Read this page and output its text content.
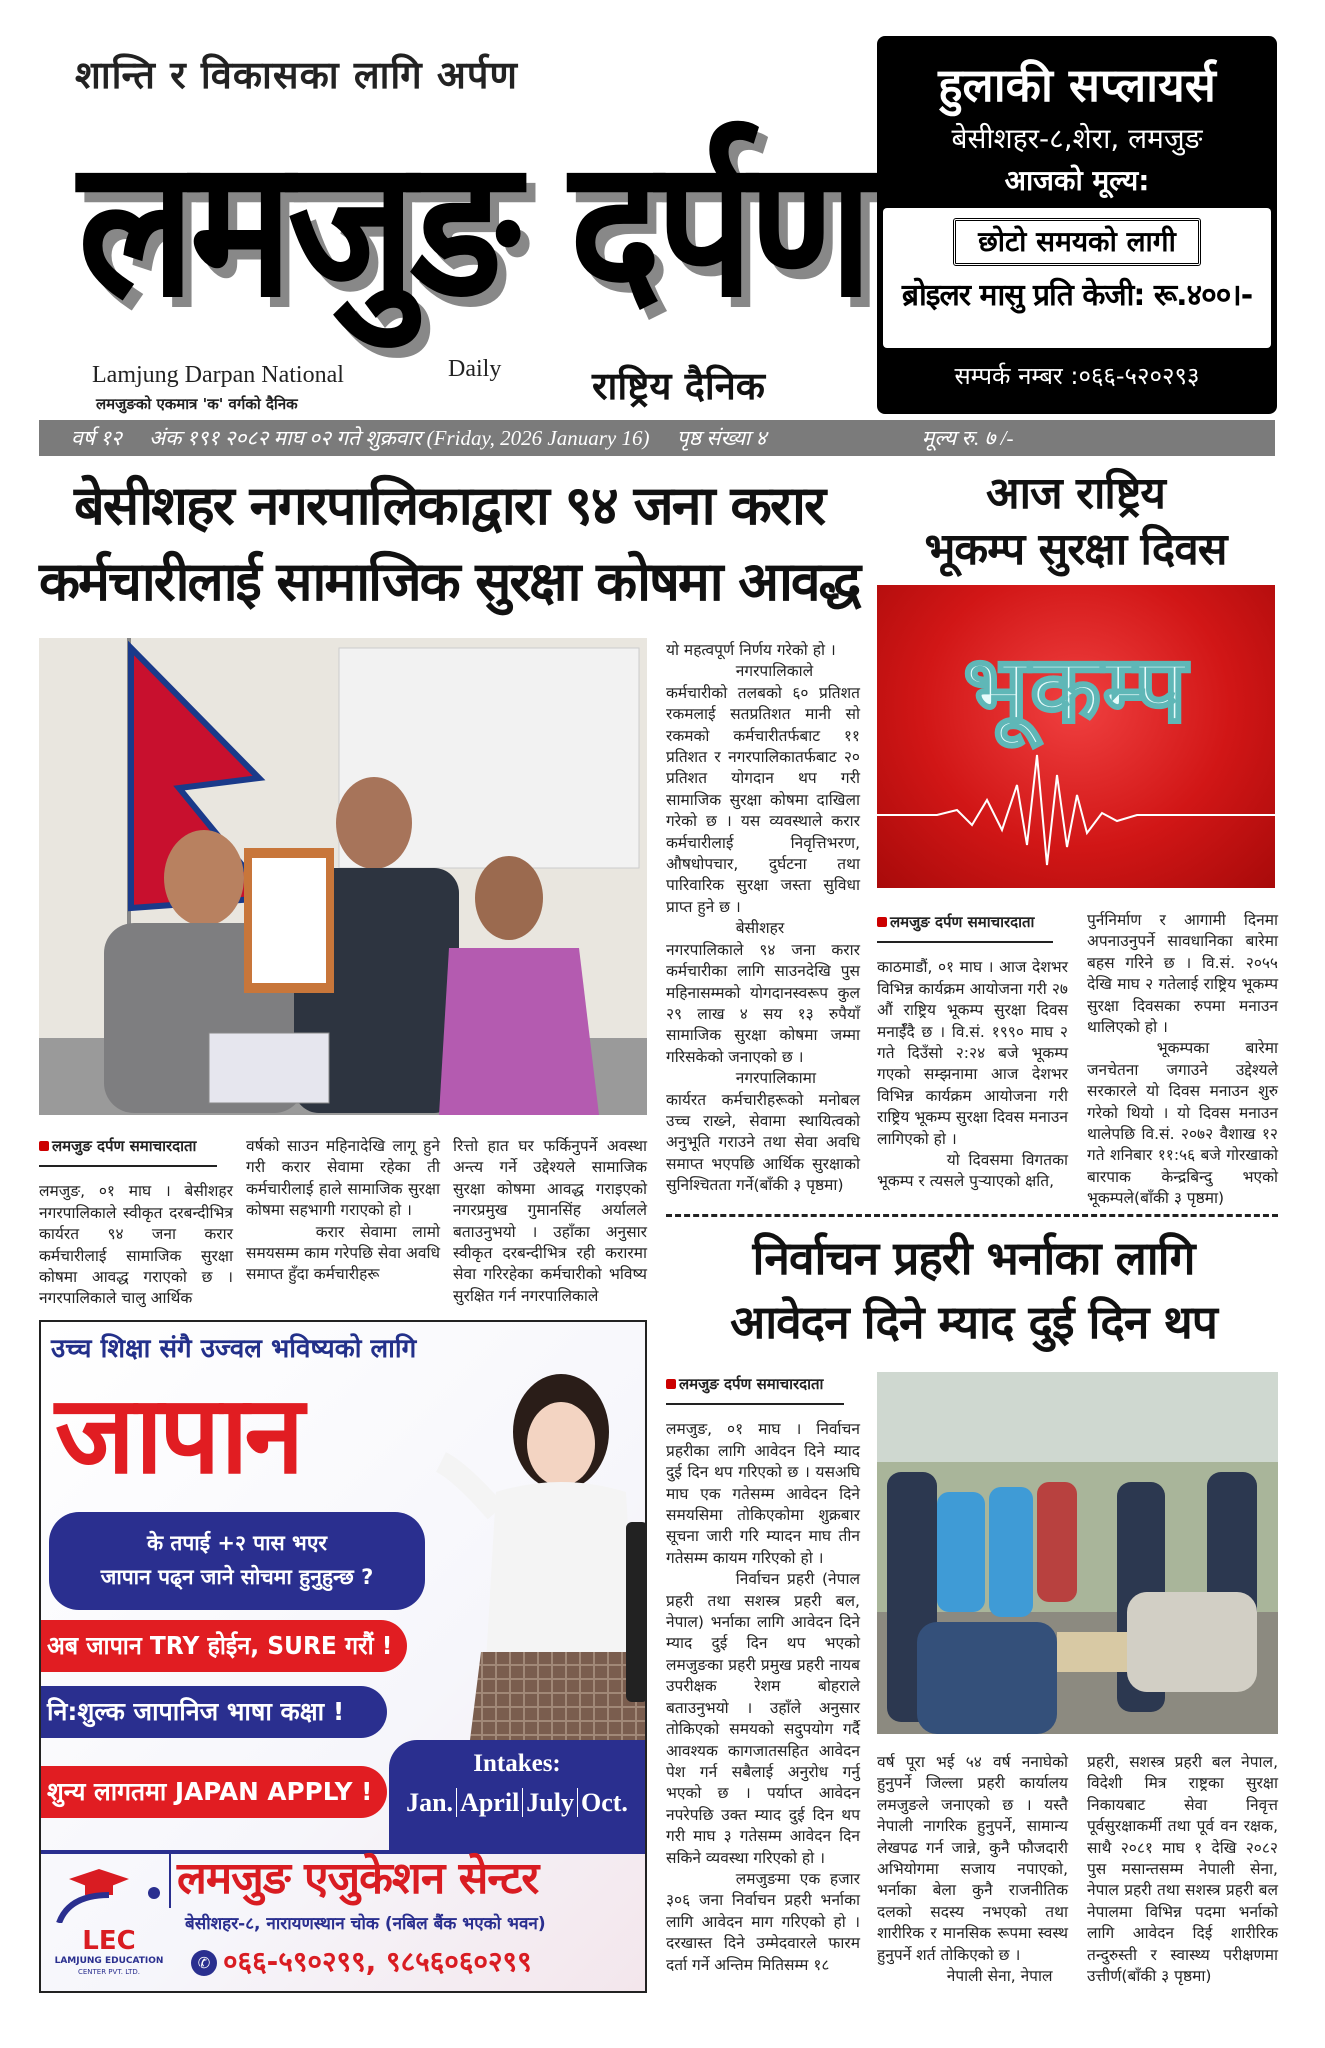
शान्ति र विकासका लागि अर्पण
लमजुङ दर्पण
Lamjung Darpan National	Daily
लमजुङको एकमात्र 'क' वर्गको दैनिक	राष्ट्रिय दैनिक
हुलाकी सप्लायर्स
बेसीशहर-८,शेरा, लमजुङ
आजको मूल्य:
छोटो समयको लागी
ब्रोइलर मासु प्रति केजी: रू.४००।-
सम्पर्क नम्बर :०६६-५२०२९३
वर्ष १२ अंक १९१ २०८२ माघ ०२ गते शुक्रवार (Friday, 2026 January 16) पृष्ठ संख्या ४	मूल्य रु. ७ /-
बेसीशहर नगरपालिकाद्वारा ९४ जना करार
कर्मचारीलाई सामाजिक सुरक्षा कोषमा आवद्ध
लमजुङ दर्पण समाचारदाता

लमजुङ, ०१ माघ । बेसीशहर नगरपालिकाले स्वीकृत दरबन्दीभित्र कार्यरत ९४ जना करार कर्मचारीलाई सामाजिक सुरक्षा कोषमा आवद्ध गराएको छ । नगरपालिकाले चालु आर्थिक

वर्षको साउन महिनादेखि लागू हुने गरी करार सेवामा रहेका ती कर्मचारीलाई हाले सामाजिक सुरक्षा कोषमा सहभागी गराएको हो ।

करार सेवामा लामो समयसम्म काम गरेपछि सेवा अवधि समाप्त हुँदा कर्मचारीहरू

रित्तो हात घर फर्किनुपर्ने अवस्था अन्त्य गर्ने उद्देश्यले सामाजिक सुरक्षा कोषमा आवद्ध गराइएको नगरप्रमुख गुमानसिंह अर्यालले बताउनुभयो । उहाँका अनुसार स्वीकृत दरबन्दीभित्र रही करारमा सेवा गरिरहेका कर्मचारीको भविष्य सुरक्षित गर्न नगरपालिकाले

यो महत्वपूर्ण निर्णय गरेको हो ।

नगरपालिकाले कर्मचारीको तलबको ६० प्रतिशत रकमलाई सतप्रतिशत मानी सो रकमको कर्मचारीतर्फबाट ११ प्रतिशत र नगरपालिकातर्फबाट २० प्रतिशत योगदान थप गरी सामाजिक सुरक्षा कोषमा दाखिला गरेको छ । यस व्यवस्थाले करार कर्मचारीलाई निवृत्तिभरण, औषधोपचार, दुर्घटना तथा पारिवारिक सुरक्षा जस्ता सुविधा प्राप्त हुने छ ।

बेसीशहर नगरपालिकाले ९४ जना करार कर्मचारीका लागि साउनदेखि पुस महिनासम्मको योगदानस्वरूप कुल २९ लाख ४ सय १३ रुपैयाँ सामाजिक सुरक्षा कोषमा जम्मा गरिसकेको जनाएको छ ।

नगरपालिकामा कार्यरत कर्मचारीहरूको मनोबल उच्च राख्ने, सेवामा स्थायित्वको अनुभूति गराउने तथा सेवा अवधि समाप्त भएपछि आर्थिक सुरक्षाको सुनिश्चितता गर्ने(बाँकी ३ पृष्ठमा)

आज राष्ट्रिय
भूकम्प सुरक्षा दिवस
भूकम्प
लमजुङ दर्पण समाचारदाता

काठमाडौं, ०१ माघ । आज देशभर विभिन्न कार्यक्रम आयोजना गरी २७ औं राष्ट्रिय भूकम्प सुरक्षा दिवस मनाईँदै छ । वि.सं. १९९० माघ २ गते दिउँसो २:२४ बजे भूकम्प गएको सम्झनामा आज देशभर विभिन्न कार्यक्रम आयोजना गरी राष्ट्रिय भूकम्प सुरक्षा दिवस मनाउन लागिएको हो ।

यो दिवसमा विगतका भूकम्प र त्यसले पुऱ्याएको क्षति,

पुर्ननिर्माण र आगामी दिनमा अपनाउनुपर्ने सावधानिका बारेमा बहस गरिने छ । वि.सं. २०५५ देखि माघ २ गतेलाई राष्ट्रिय भूकम्प सुरक्षा दिवसका रुपमा मनाउन थालिएको हो ।

भूकम्पका बारेमा जनचेतना जगाउने उद्देश्यले सरकारले यो दिवस मनाउन शुरु गरेको थियो । यो दिवस मनाउन थालेपछि वि.सं. २०७२ वैशाख १२ गते शनिबार ११:५६ बजे गोरखाको बारपाक केन्द्रबिन्दु भएको भूकम्पले(बाँकी ३ पृष्ठमा)

निर्वाचन प्रहरी भर्नाका लागि
आवेदन दिने म्याद दुई दिन थप
लमजुङ दर्पण समाचारदाता

लमजुङ, ०१ माघ । निर्वाचन प्रहरीका लागि आवेदन दिने म्याद दुई दिन थप गरिएको छ । यसअघि माघ एक गतेसम्म आवेदन दिने समयसिमा तोकिएकोमा शुक्रबार सूचना जारी गरि म्यादन माघ तीन गतेसम्म कायम गरिएको हो ।

निर्वाचन प्रहरी (नेपाल प्रहरी तथा सशस्त्र प्रहरी बल, नेपाल) भर्नाका लागि आवेदन दिने म्याद दुई दिन थप भएको लमजुङका प्रहरी प्रमुख प्रहरी नायब उपरीक्षक रेशम बोहराले बताउनुभयो । उहाँले अनुसार तोकिएको समयको सदुपयोग गर्दै आवश्यक कागजातसहित आवेदन पेश गर्न सबैलाई अनुरोध गर्नु भएको छ । पर्याप्त आवेदन नपरेपछि उक्त म्याद दुई दिन थप गरी माघ ३ गतेसम्म आवेदन दिन सकिने व्यवस्था गरिएको हो ।

लमजुङमा एक हजार ३०६ जना निर्वाचन प्रहरी भर्नाका लागि आवेदन माग गरिएको हो । दरखास्त दिने उम्मेदवारले फारम दर्ता गर्ने अन्तिम मितिसम्म १८

वर्ष पूरा भई ५४ वर्ष ननाघेको हुनुपर्ने जिल्ला प्रहरी कार्यालय लमजुङले जनाएको छ । यस्तै नेपाली नागरिक हुनुपर्ने, सामान्य लेखपढ गर्न जान्ने, कुनै फौजदारी अभियोगमा सजाय नपाएको, भर्नाका बेला कुनै राजनीतिक दलको सदस्य नभएको तथा शारीरिक र मानसिक रूपमा स्वस्थ हुनुपर्ने शर्त तोकिएको छ ।

नेपाली सेना, नेपाल

प्रहरी, सशस्त्र प्रहरी बल नेपाल, विदेशी मित्र राष्ट्रका सुरक्षा निकायबाट सेवा निवृत्त पूर्वसुरक्षाकर्मी तथा पूर्व वन रक्षक, साथै २०८१ माघ १ देखि २०८२ पुस मसान्तसम्म नेपाली सेना, नेपाल प्रहरी तथा सशस्त्र प्रहरी बल नेपालमा विभिन्न पदमा भर्नाको लागि आवेदन दिई शारीरिक तन्दुरुस्ती र स्वास्थ्य परीक्षणमा उत्तीर्ण(बाँकी ३ पृष्ठमा)

उच्च शिक्षा संगै उज्वल भविष्यको लागि
जापान
के तपाई +२ पास भएर
जापान पढ्न जाने सोचमा हुनुहुन्छ ?
अब जापान TRY होईन, SURE गरौं !
नि:शुल्क जापानिज भाषा कक्षा !
शुन्य लागतमा JAPAN APPLY !
Intakes:
Jan. April July Oct.
LEC
LAMJUNG EDUCATION
CENTER PVT. LTD.
लमजुङ एजुकेशन सेन्टर
बेसीशहर-८, नारायणस्थान चोक (नबिल बैंक भएको भवन)
✆ ०६६-५९०२९९, ९८५६०६०२९९
